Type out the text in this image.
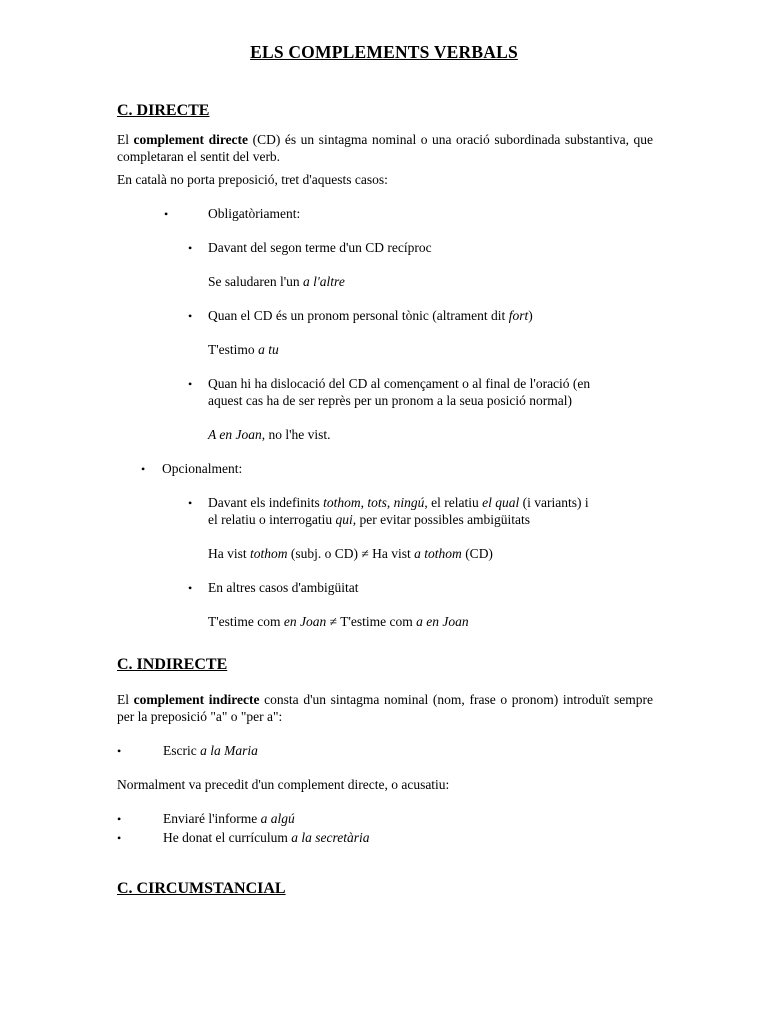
ELS COMPLEMENTS VERBALS
C. DIRECTE
El complement directe (CD) és un sintagma nominal o una oració subordinada substantiva, que completaran el sentit del verb.
En català no porta preposició, tret d'aquests casos:
•	Obligatòriament:
• Davant del segon terme d'un CD recíproc
Se saludaren l'un a l'altre
• Quan el CD és un pronom personal tònic (altrament dit fort)
T'estimo a tu
• Quan hi ha dislocació del CD al començament o al final de l'oració (en
aquest cas ha de ser reprès per un pronom a la seua posició normal)
A en Joan, no l'he vist.
• Opcionalment:
• Davant els indefinits tothom, tots, ningú, el relatiu el qual (i variants) i
el relatiu o interrogatiu qui, per evitar possibles ambigüitats
Ha vist tothom (subj. o CD) ≠ Ha vist a tothom (CD)
• En altres casos d'ambigüitat
T'estime com en Joan ≠ T'estime com a en Joan
C. INDIRECTE
El complement indirecte consta d'un sintagma nominal (nom, frase o pronom) introduït sempre per la preposició "a" o "per a":
•	Escric a la Maria
Normalment va precedit d'un complement directe, o acusatiu:
•	Enviaré l'informe a algú
•	He donat el currículum a la secretària
C. CIRCUMSTANCIAL
